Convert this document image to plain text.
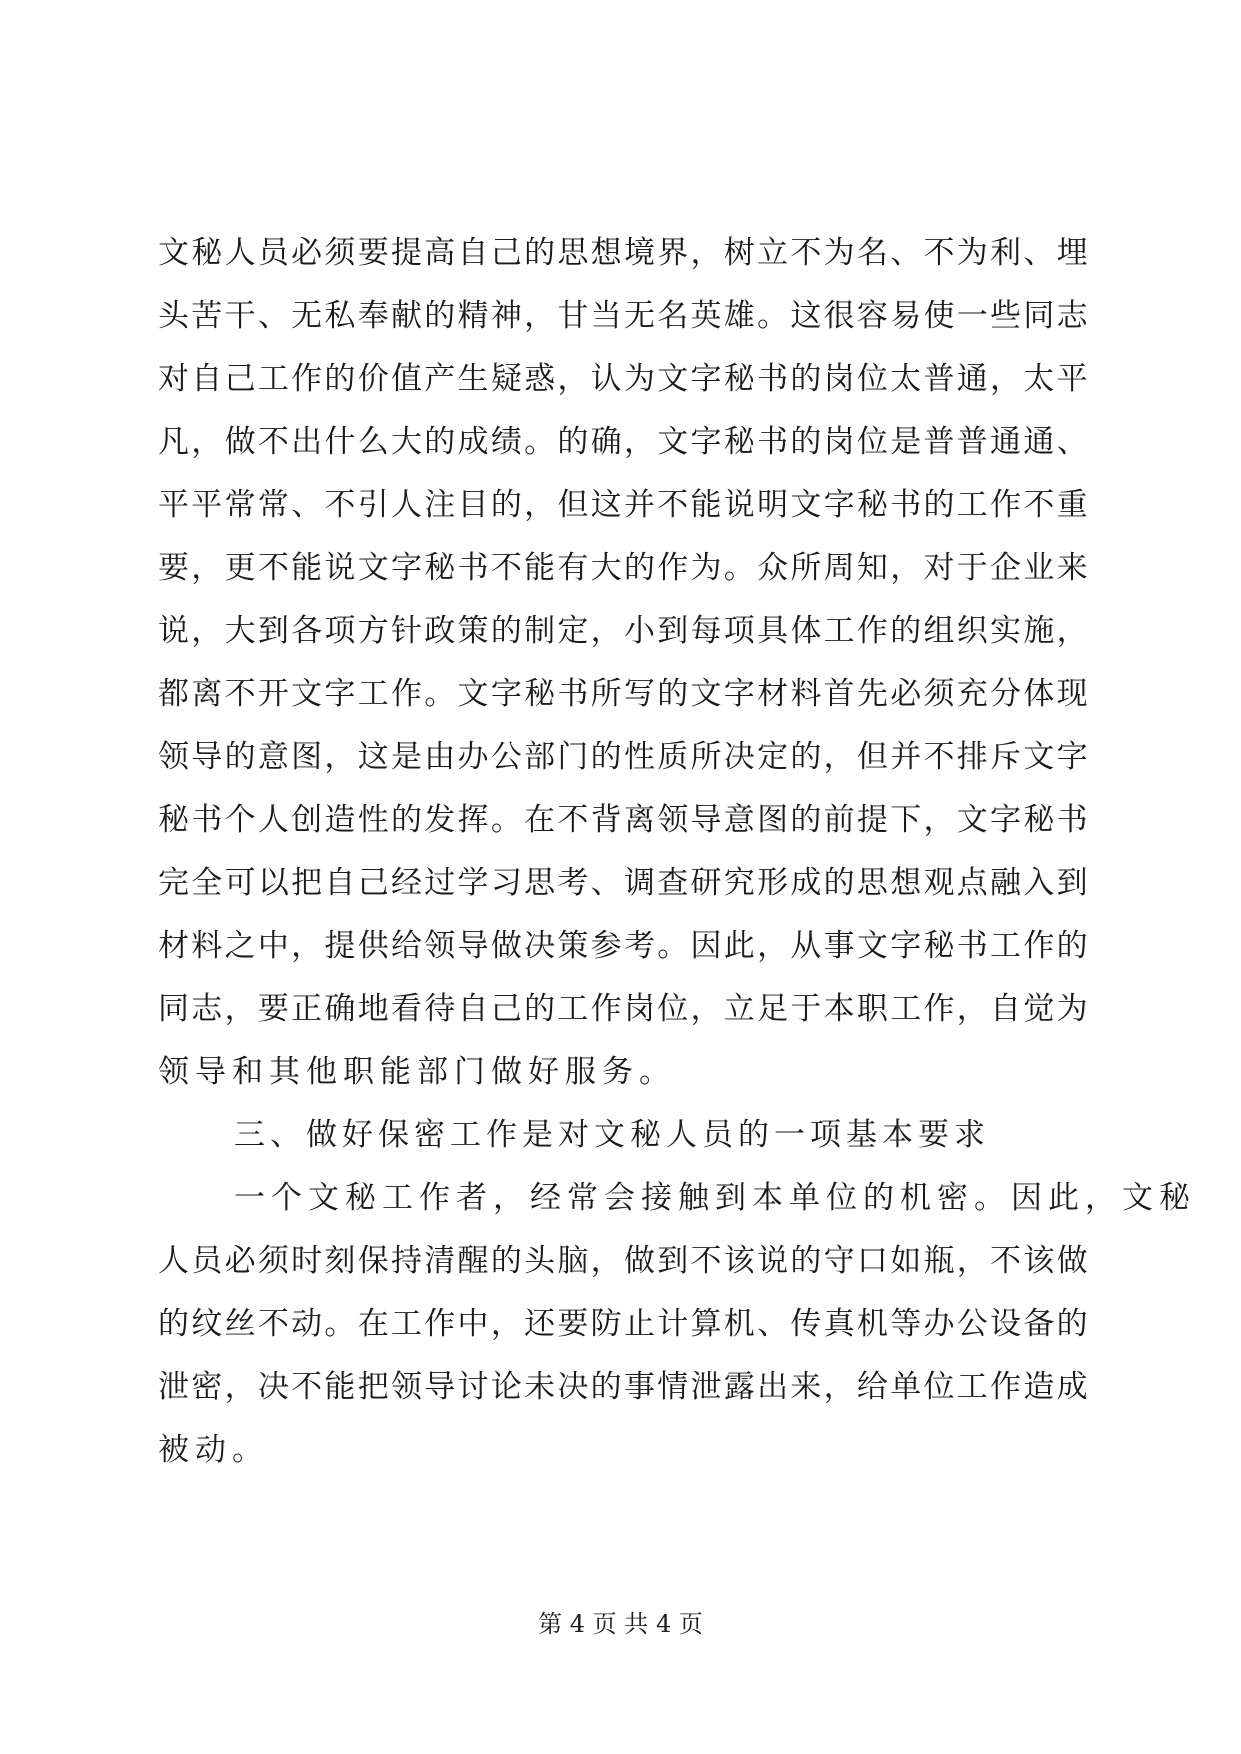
文 秘 人 员 必 须 要 提 高 自 己 的 思 想 境 界 ， 树 立 不 为 名 、 不 为 利 、 埋
头 苦 干 、 无 私 奉 献 的 精 神 ， 甘 当 无 名 英 雄 。 这 很 容 易 使 一 些 同 志
对 自 己 工 作 的 价 值 产 生 疑 惑 ， 认 为 文 字 秘 书 的 岗 位 太 普 通 ， 太 平
凡 ， 做 不 出 什 么 大 的 成 绩 。 的 确 ， 文 字 秘 书 的 岗 位 是 普 普 通 通 、
平 平 常 常 、 不 引 人 注 目 的 ， 但 这 并 不 能 说 明 文 字 秘 书 的 工 作 不 重
要 ， 更 不 能 说 文 字 秘 书 不 能 有 大 的 作 为 。 众 所 周 知 ， 对 于 企 业 来
说 ， 大 到 各 项 方 针 政 策 的 制 定 ， 小 到 每 项 具 体 工 作 的 组 织 实 施 ，
都 离 不 开 文 字 工 作 。 文 字 秘 书 所 写 的 文 字 材 料 首 先 必 须 充 分 体 现
领 导 的 意 图 ， 这 是 由 办 公 部 门 的 性 质 所 决 定 的 ， 但 并 不 排 斥 文 字
秘 书 个 人 创 造 性 的 发 挥 。 在 不 背 离 领 导 意 图 的 前 提 下 ， 文 字 秘 书
完 全 可 以 把 自 己 经 过 学 习 思 考 、 调 查 研 究 形 成 的 思 想 观 点 融 入 到
材 料 之 中 ， 提 供 给 领 导 做 决 策 参 考 。 因 此 ， 从 事 文 字 秘 书 工 作 的
同 志 ， 要 正 确 地 看 待 自 己 的 工 作 岗 位 ， 立 足 于 本 职 工 作 ， 自 觉 为
领导和其他职能部门做好服务。
三、做好保密工作是对文秘人员的一项基本要求
一个文秘工作者，经常会接触到本单位的机密。因此，文秘
人 员 必 须 时 刻 保 持 清 醒 的 头 脑 ， 做 到 不 该 说 的 守 口 如 瓶 ， 不 该 做
的 纹 丝 不 动 。 在 工 作 中 ， 还 要 防 止 计 算 机 、 传 真 机 等 办 公 设 备 的
泄 密 ， 决 不 能 把 领 导 讨 论 未 决 的 事 情 泄 露 出 来 ， 给 单 位 工 作 造 成
被动。
第 4 页 共 4 页
